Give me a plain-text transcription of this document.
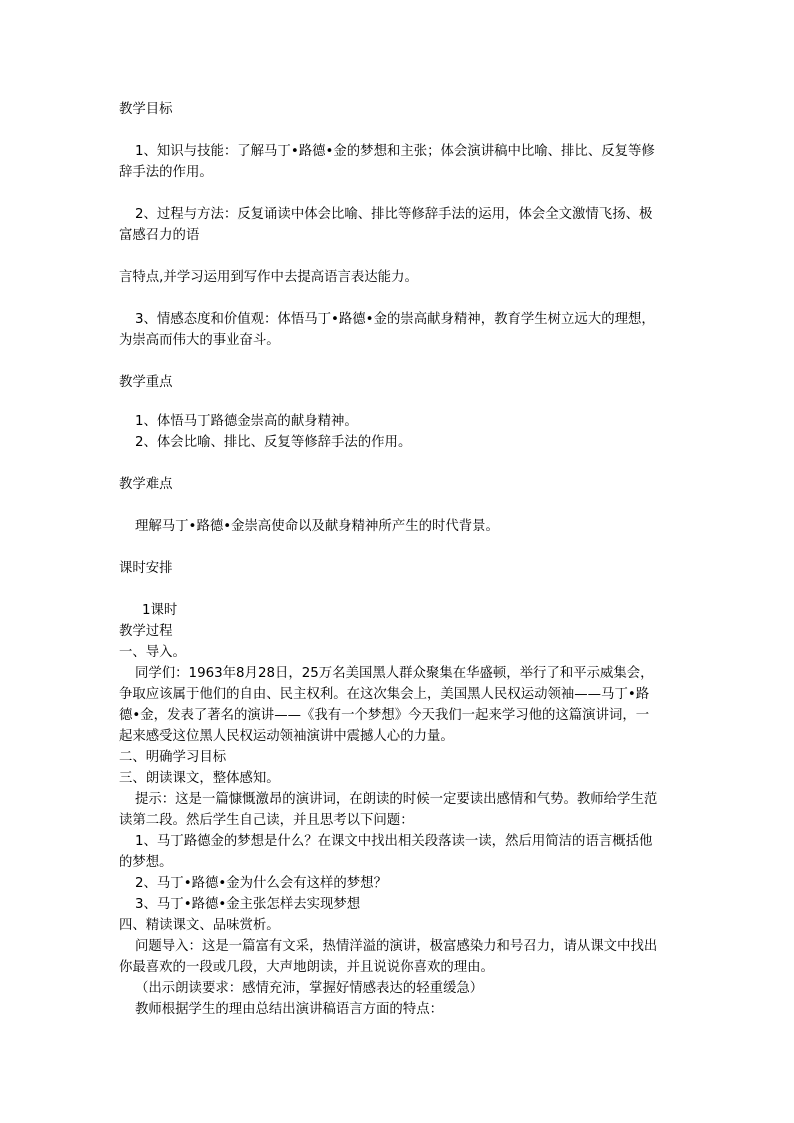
教学目标

1、知识与技能：了解马丁•路德•金的梦想和主张；体会演讲稿中比喻、排比、反复等修

辞手法的作用。

2、过程与方法：反复诵读中体会比喻、排比等修辞手法的运用，体会全文激情飞扬、极

富感召力的语

言特点,并学习运用到写作中去提高语言表达能力。

3、情感态度和价值观：体悟马丁•路德•金的崇高献身精神，教育学生树立远大的理想，

为崇高而伟大的事业奋斗。

教学重点

1、体悟马丁路德金崇高的献身精神。

2、体会比喻、排比、反复等修辞手法的作用。

教学难点

理解马丁•路德•金崇高使命以及献身精神所产生的时代背景。

课时安排

1课时

教学过程

一、导入。

同学们：1963年8月28日，25万名美国黑人群众聚集在华盛顿，举行了和平示威集会，

争取应该属于他们的自由、民主权利。在这次集会上，美国黑人民权运动领袖——马丁•路

德•金，发表了著名的演讲——《我有一个梦想》今天我们一起来学习他的这篇演讲词，一

起来感受这位黑人民权运动领袖演讲中震撼人心的力量。

二、明确学习目标

三、朗读课文，整体感知。

提示：这是一篇慷慨激昂的演讲词，在朗读的时候一定要读出感情和气势。教师给学生范

读第二段。然后学生自己读，并且思考以下问题：

1、马丁路德金的梦想是什么？在课文中找出相关段落读一读，然后用简洁的语言概括他

的梦想。

2、马丁•路德•金为什么会有这样的梦想？

3、马丁•路德•金主张怎样去实现梦想

四、精读课文、品味赏析。

问题导入：这是一篇富有文采，热情洋溢的演讲，极富感染力和号召力，请从课文中找出

你最喜欢的一段或几段，大声地朗读，并且说说你喜欢的理由。

（出示朗读要求：感情充沛，掌握好情感表达的轻重缓急）

教师根据学生的理由总结出演讲稿语言方面的特点：
